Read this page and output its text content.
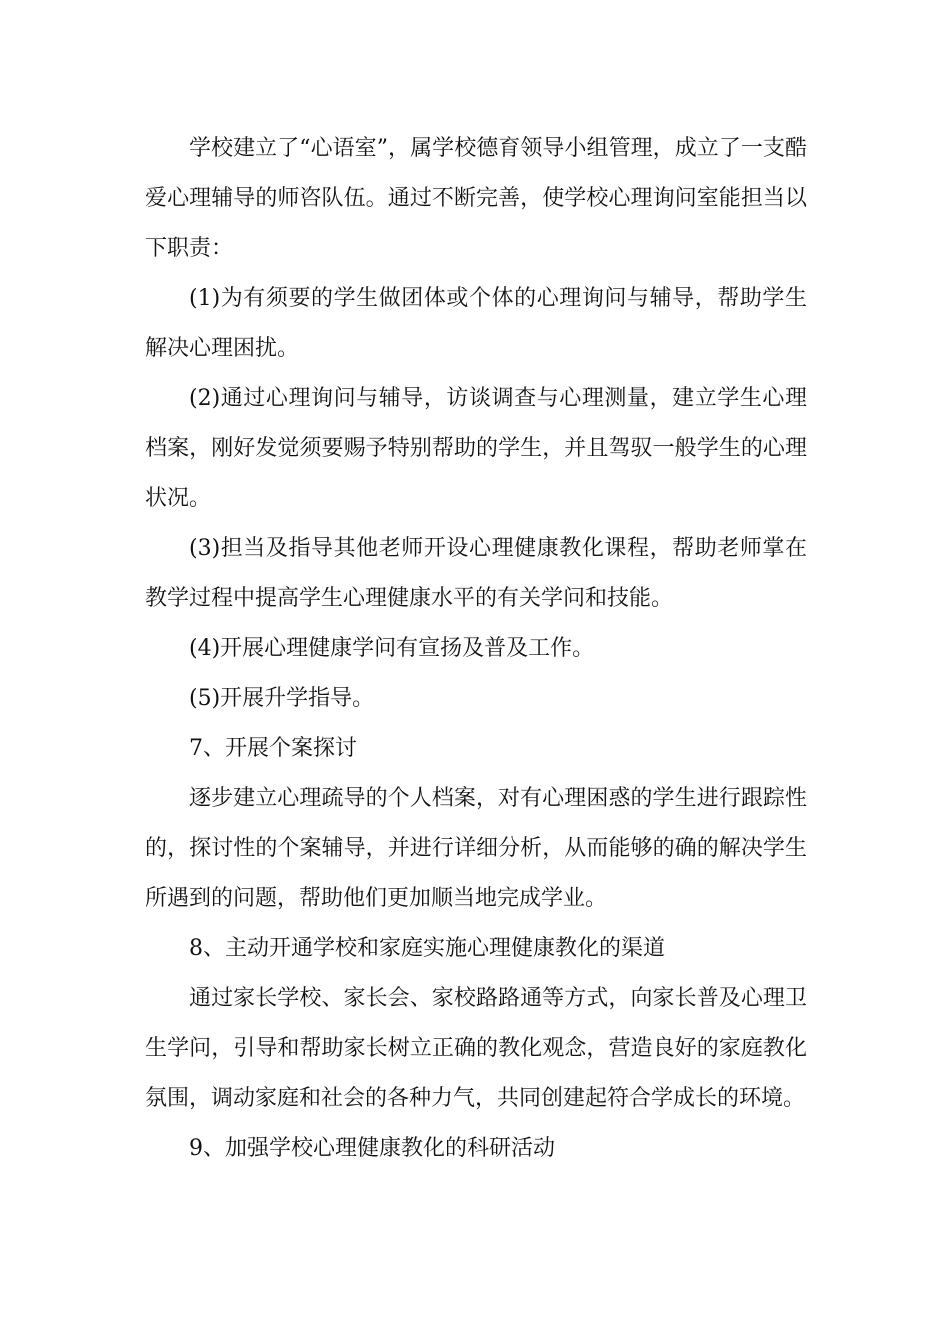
学校建立了“心语室”，属学校德育领导小组管理，成立了一支酷爱心理辅导的师咨队伍。通过不断完善，使学校心理询问室能担当以下职责：

(1)为有须要的学生做团体或个体的心理询问与辅导，帮助学生解决心理困扰。

(2)通过心理询问与辅导，访谈调查与心理测量，建立学生心理档案，刚好发觉须要赐予特别帮助的学生，并且驾驭一般学生的心理状况。

(3)担当及指导其他老师开设心理健康教化课程，帮助老师掌在教学过程中提高学生心理健康水平的有关学问和技能。

(4)开展心理健康学问有宣扬及普及工作。

(5)开展升学指导。

7、开展个案探讨

逐步建立心理疏导的个人档案，对有心理困惑的学生进行跟踪性的，探讨性的个案辅导，并进行详细分析，从而能够的确的解决学生所遇到的问题，帮助他们更加顺当地完成学业。

8、主动开通学校和家庭实施心理健康教化的渠道

通过家长学校、家长会、家校路路通等方式，向家长普及心理卫生学问，引导和帮助家长树立正确的教化观念，营造良好的家庭教化氛围，调动家庭和社会的各种力气，共同创建起符合学成长的环境。

9、加强学校心理健康教化的科研活动
